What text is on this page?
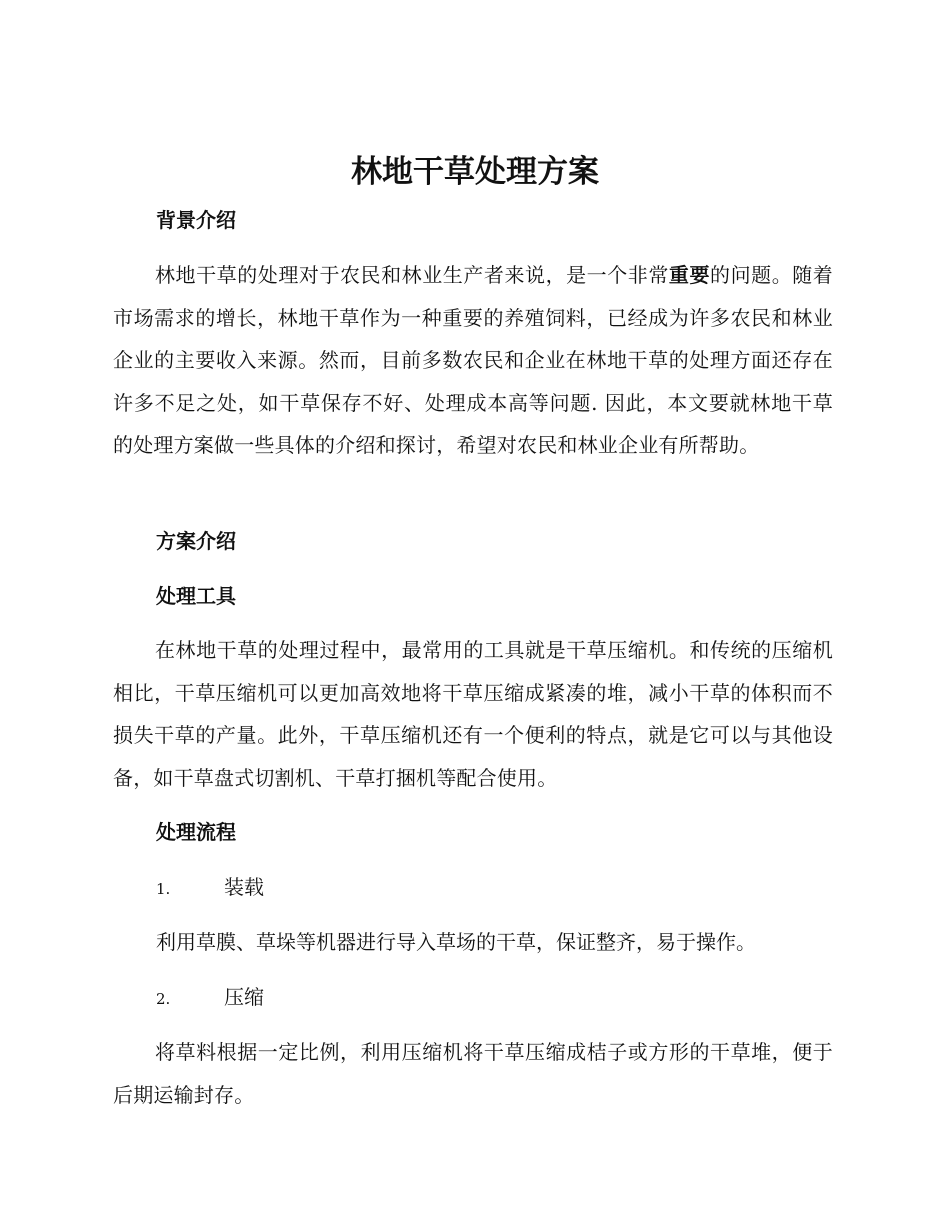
林地干草处理方案
背景介绍

林地干草的处理对于农民和林业生产者来说，是一个非常重要的问题。随着市场需求的增长，林地干草作为一种重要的养殖饲料，已经成为许多农民和林业企业的主要收入来源。然而，目前多数农民和企业在林地干草的处理方面还存在许多不足之处，如干草保存不好、处理成本高等问题. 因此，本文要就林地干草的处理方案做一些具体的介绍和探讨，希望对农民和林业企业有所帮助。

方案介绍
处理工具

在林地干草的处理过程中，最常用的工具就是干草压缩机。和传统的压缩机相比，干草压缩机可以更加高效地将干草压缩成紧凑的堆，减小干草的体积而不损失干草的产量。此外，干草压缩机还有一个便利的特点，就是它可以与其他设备，如干草盘式切割机、干草打捆机等配合使用。

处理流程

1.	装载

利用草膜、草垛等机器进行导入草场的干草，保证整齐，易于操作。

2.	压缩

将草料根据一定比例，利用压缩机将干草压缩成桔子或方形的干草堆，便于后期运输封存。
